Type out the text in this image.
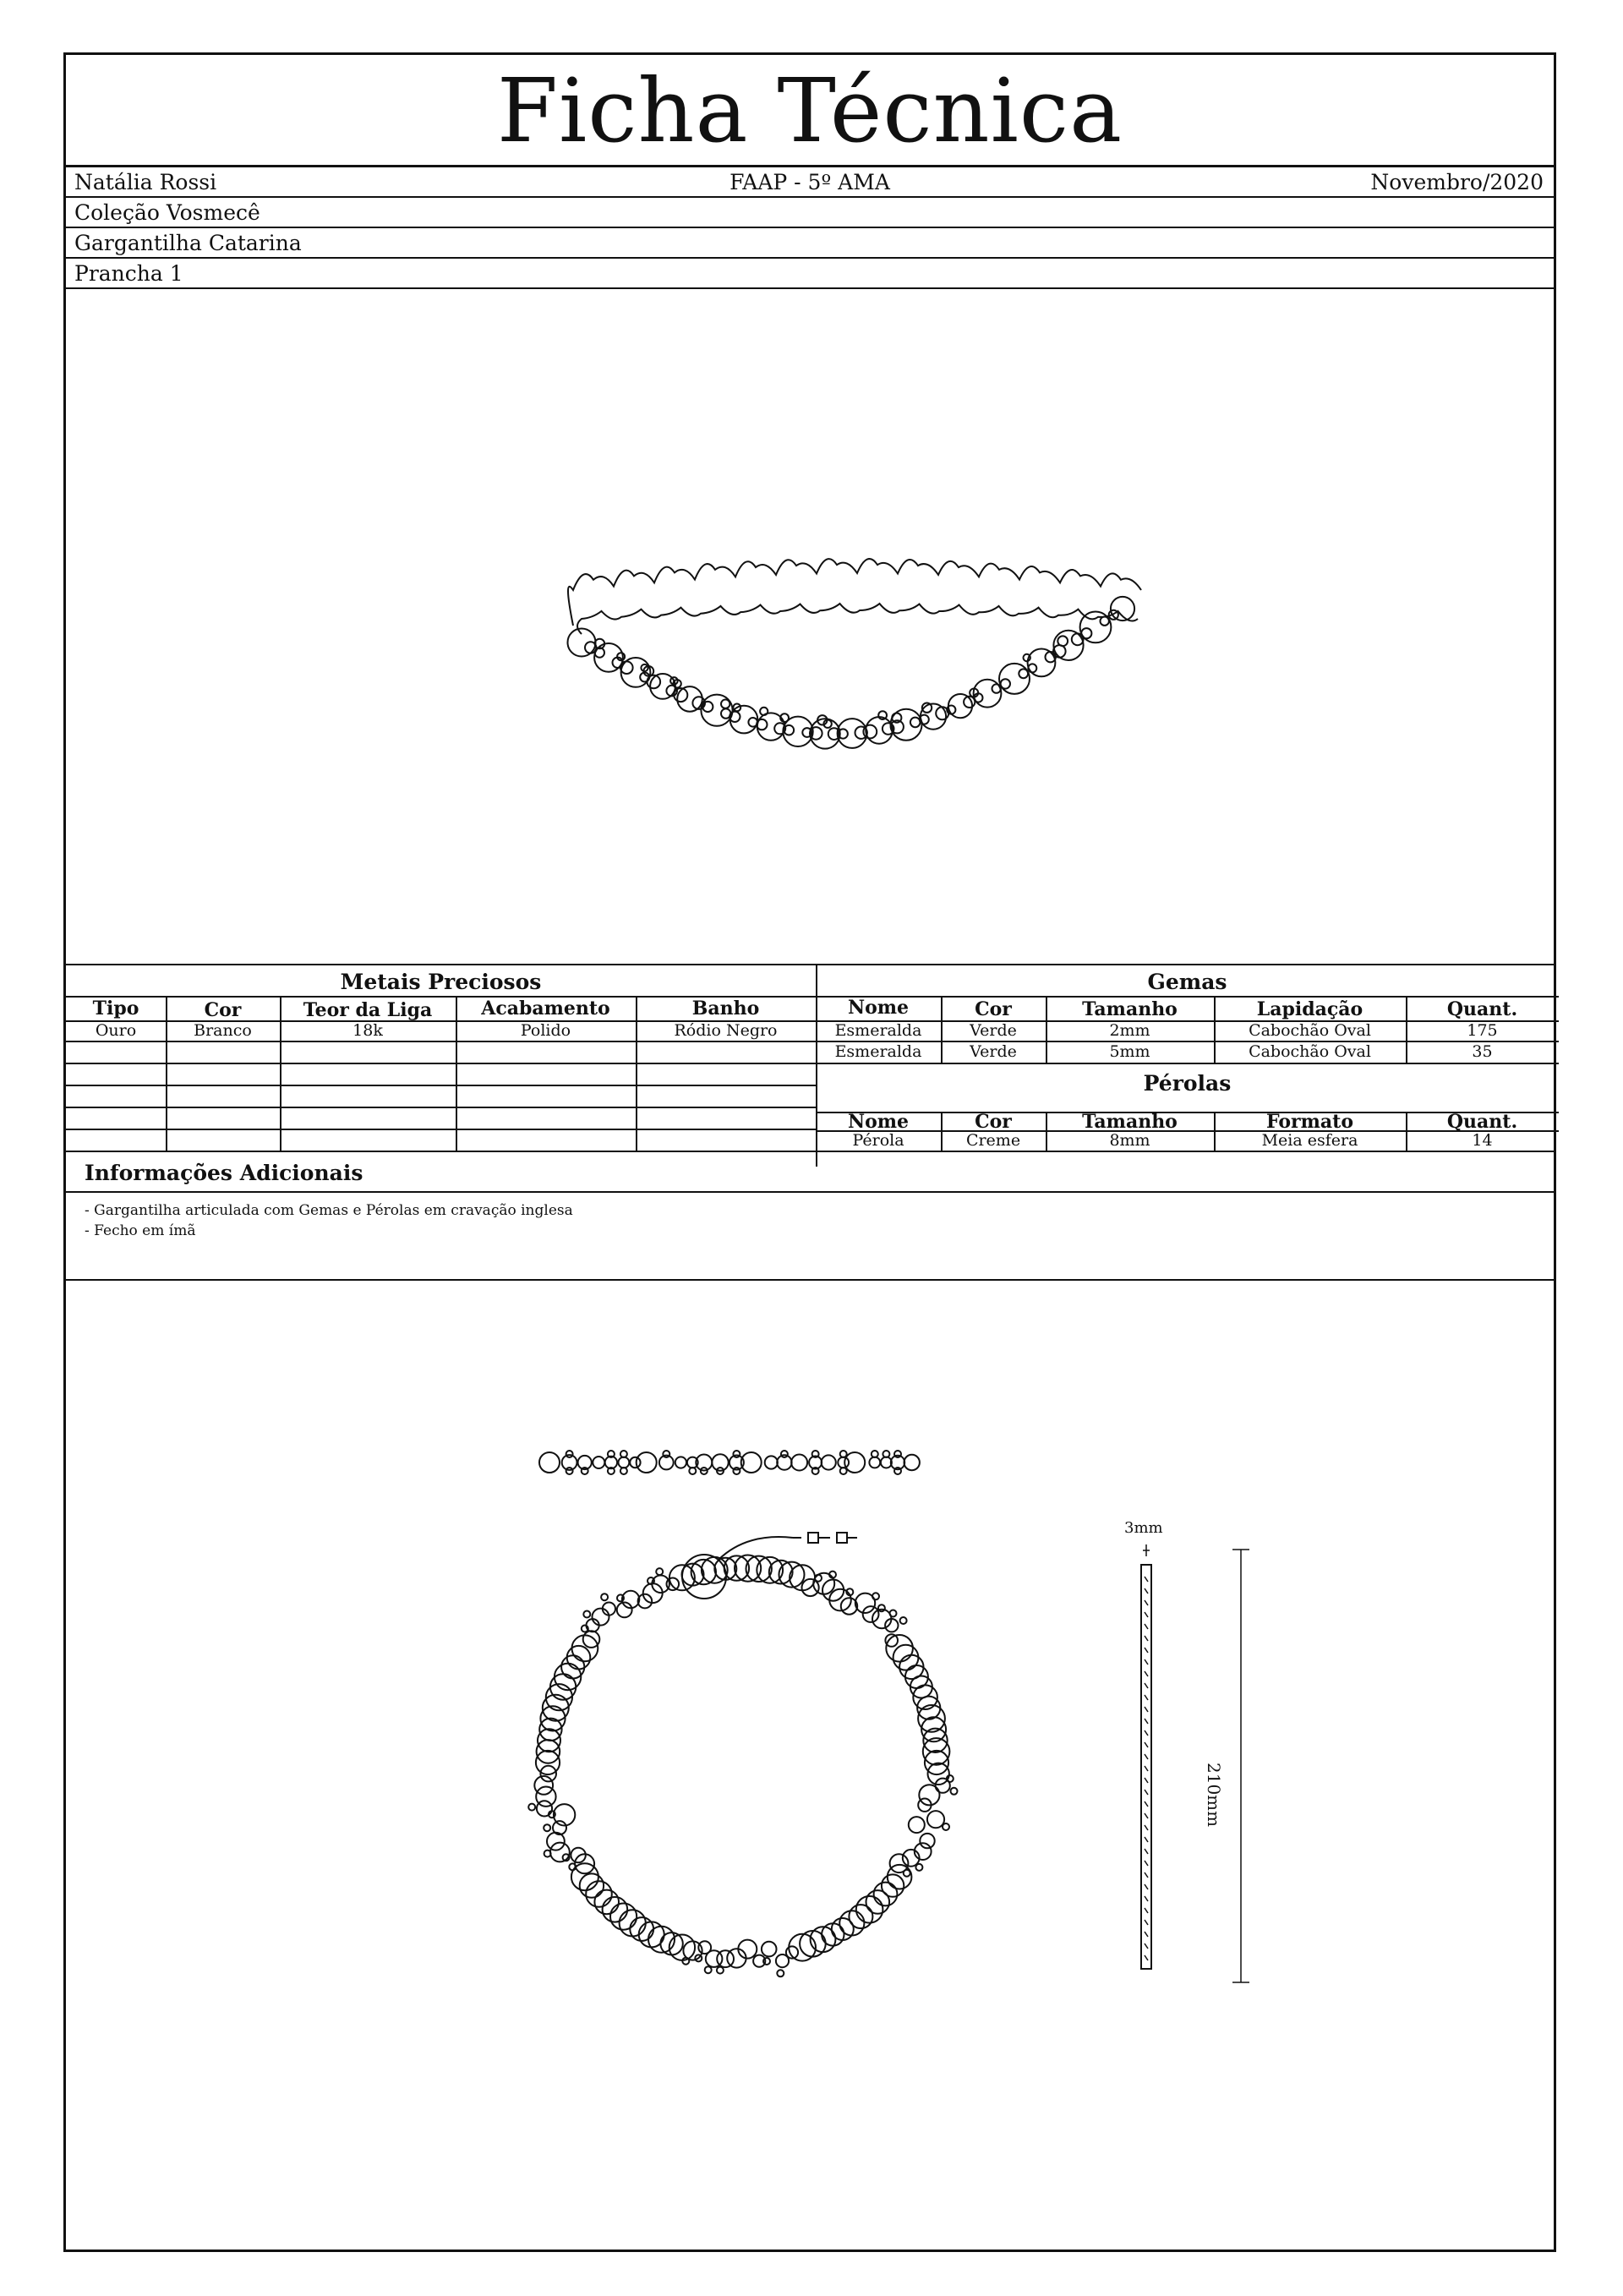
Ficha Técnica
Natália Rossi	FAAP - 5º AMA	Novembro/2020
Coleção Vosmecê
Gargantilha Catarina
Prancha 1
Metais Preciosos
Tipo	Cor	Teor da Liga	Acabamento	Banho
Ouro	Branco	18k	Polido	Ródio Negro
Gemas
Nome	Cor	Tamanho	Lapidação	Quant.
Esmeralda	Verde	2mm	Cabochão Oval	175
Esmeralda	Verde	5mm	Cabochão Oval	35
Pérolas
Nome	Cor	Tamanho	Formato	Quant.
Pérola	Creme	8mm	Meia esfera	14
Informações Adicionais
- Gargantilha articulada com Gemas e Pérolas em cravação inglesa
- Fecho em ímã
3mm
210mm
